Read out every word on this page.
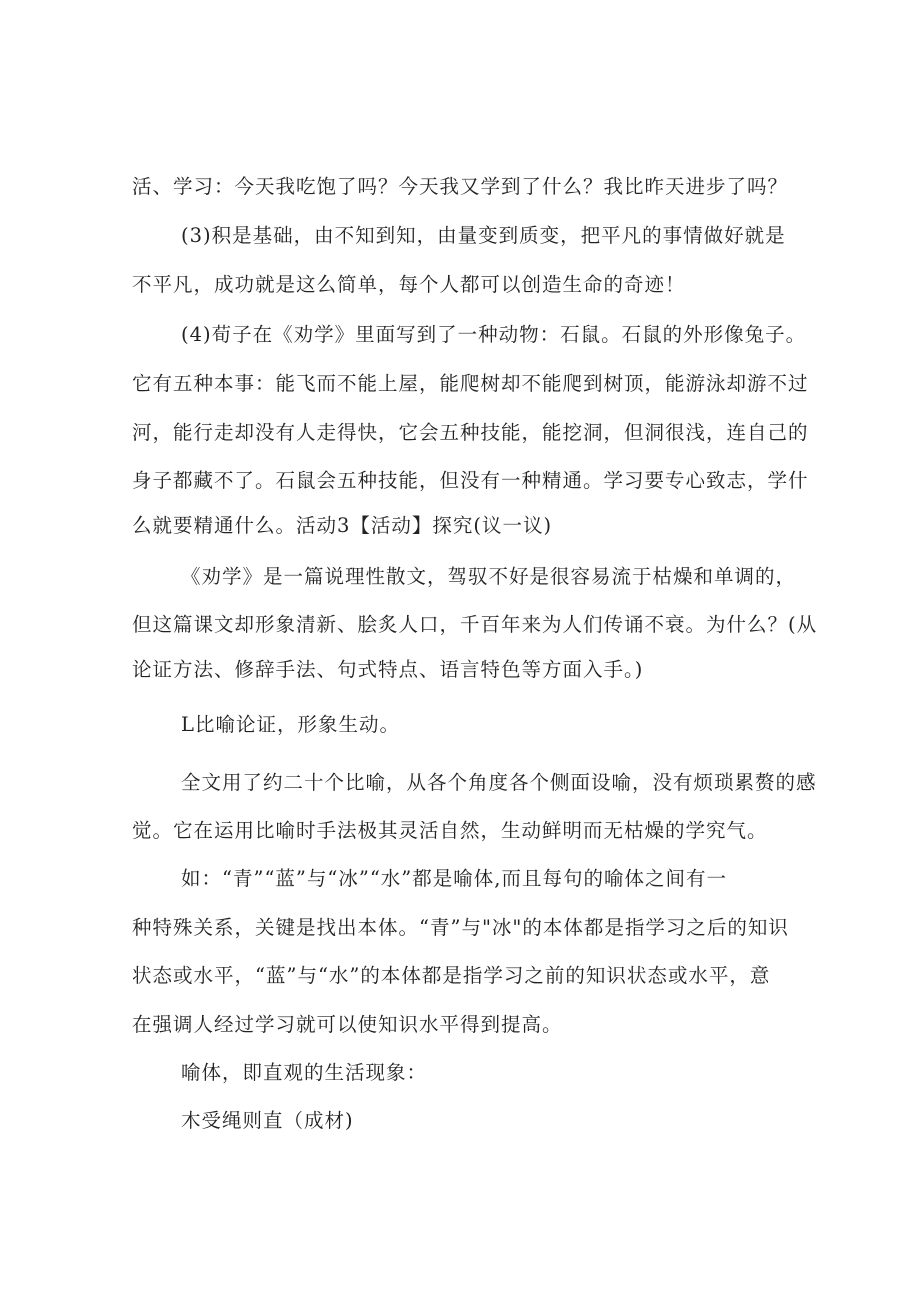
活、学习：今天我吃饱了吗？今天我又学到了什么？我比昨天进步了吗？
(3)积是基础，由不知到知，由量变到质变，把平凡的事情做好就是
不平凡，成功就是这么简单，每个人都可以创造生命的奇迹！
(4)荀子在《劝学》里面写到了一种动物：石鼠。石鼠的外形像兔子。
它有五种本事：能飞而不能上屋，能爬树却不能爬到树顶，能游泳却游不过
河，能行走却没有人走得快，它会五种技能，能挖洞，但洞很浅，连自己的
身子都藏不了。石鼠会五种技能，但没有一种精通。学习要专心致志，学什
么就要精通什么。活动3【活动】探究(议一议)
《劝学》是一篇说理性散文，驾驭不好是很容易流于枯燥和单调的，
但这篇课文却形象清新、脍炙人口，千百年来为人们传诵不衰。为什么？(从
论证方法、修辞手法、句式特点、语言特色等方面入手。)
L比喻论证，形象生动。
全文用了约二十个比喻，从各个角度各个侧面设喻，没有烦琐累赘的感
觉。它在运用比喻时手法极其灵活自然，生动鲜明而无枯燥的学究气。
如：“青”“蓝”与“冰”“水”都是喻体,而且每句的喻体之间有一
种特殊关系，关键是找出本体。“青”与"冰"的本体都是指学习之后的知识
状态或水平，“蓝”与“水”的本体都是指学习之前的知识状态或水平，意
在强调人经过学习就可以使知识水平得到提高。
喻体，即直观的生活现象：
木受绳则直（成材)
